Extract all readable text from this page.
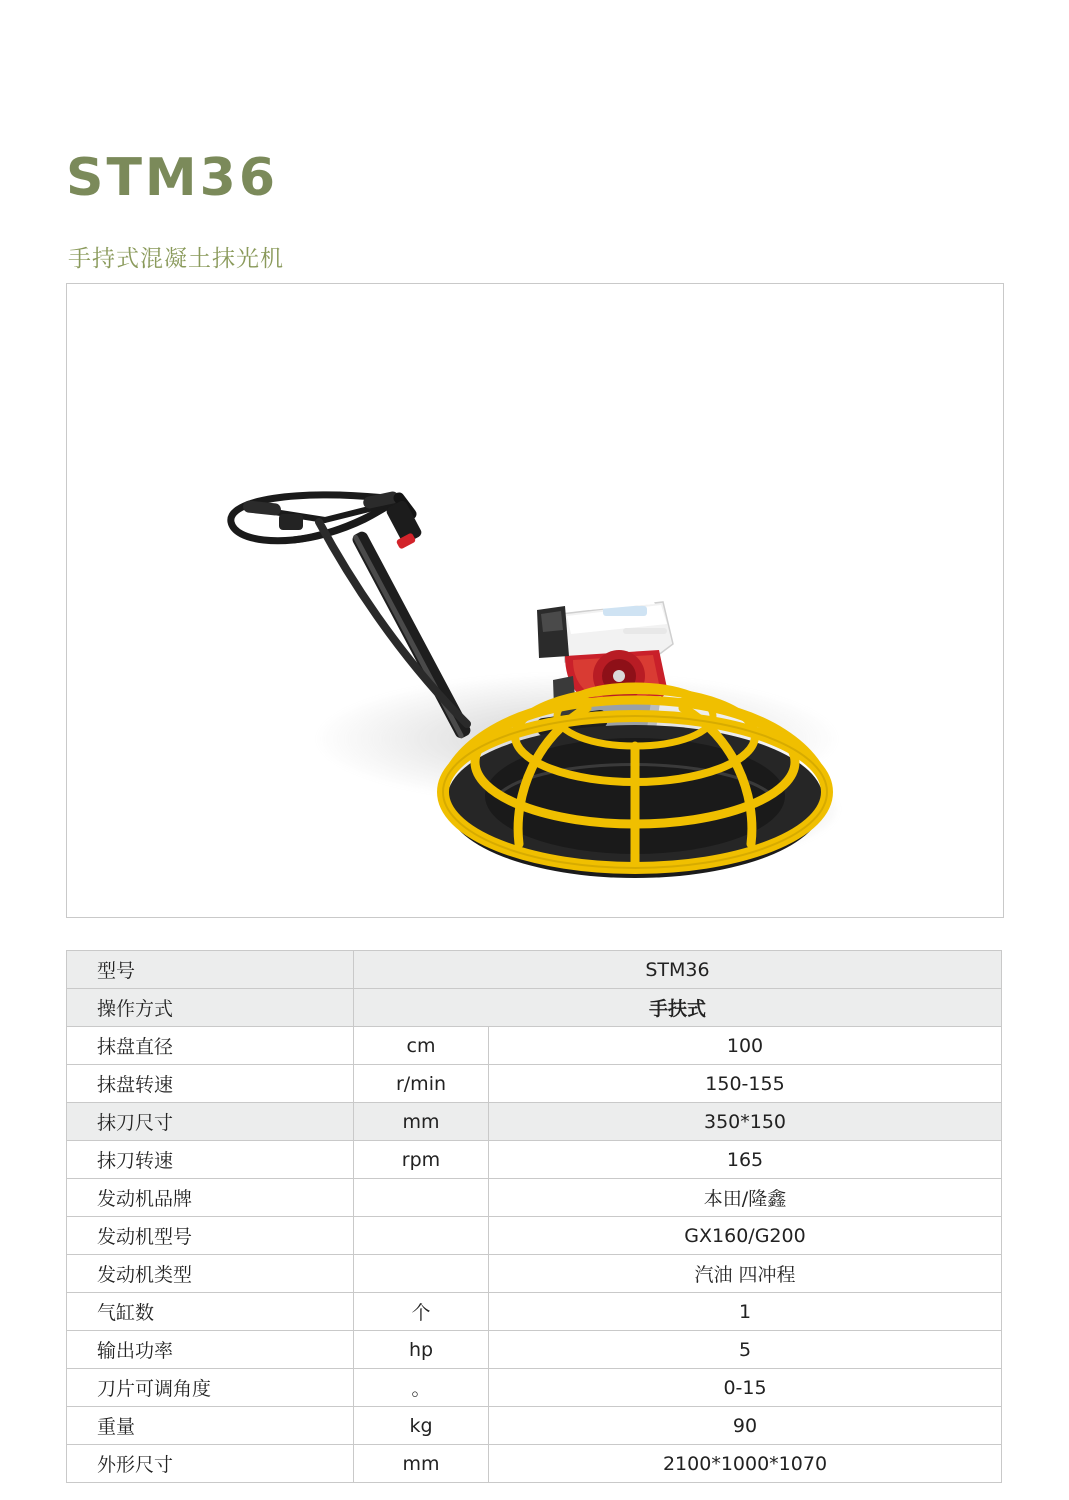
STM36
手持式混凝土抹光机
型号	STM36	
操作方式	手扶式	
抹盘直径	cm	100
抹盘转速	r/min	150-155
抹刀尺寸	mm	350*150
抹刀转速	rpm	165
发动机品牌		本田/隆鑫
发动机型号		GX160/G200
发动机类型		汽油 四冲程
气缸数	个	1
输出功率	hp	5
刀片可调角度	。	0-15
重量	kg	90
外形尺寸	mm	2100*1000*1070
